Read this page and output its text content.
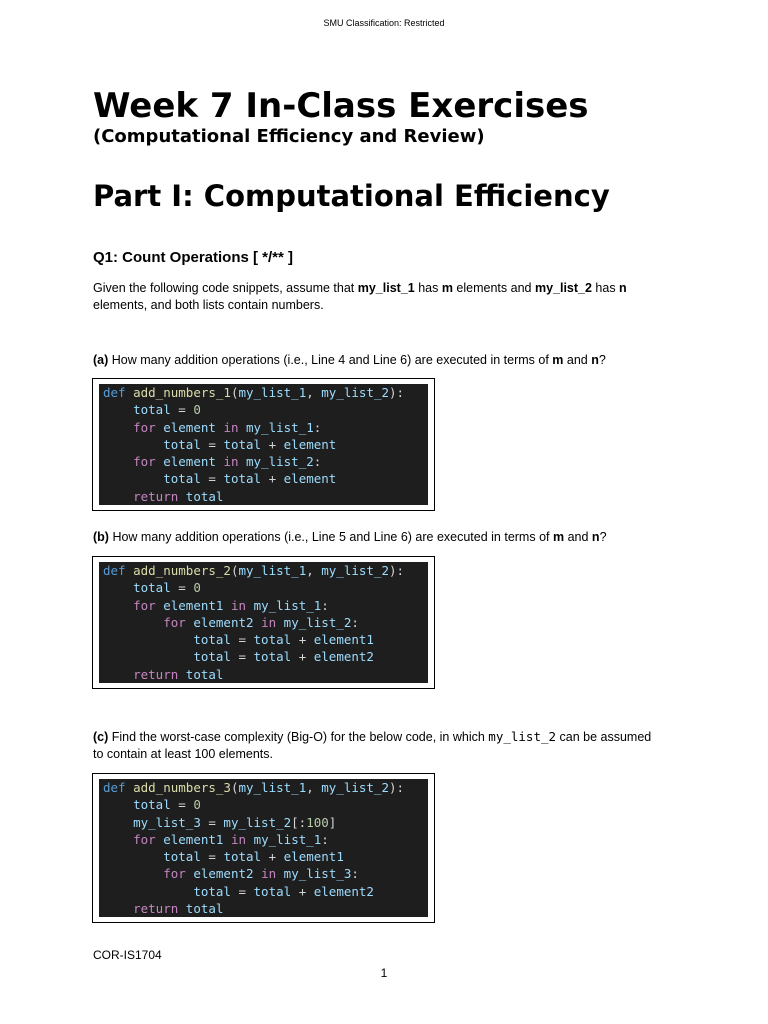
SMU Classification: Restricted
Week 7 In-Class Exercises
(Computational Efficiency and Review)
Part I: Computational Efficiency
Q1: Count Operations [ */** ]

Given the following code snippets, assume that my_list_1 has m elements and my_list_2 has n elements, and both lists contain numbers.

(a) How many addition operations (i.e., Line 4 and Line 6) are executed in terms of m and n?

def add_numbers_1(my_list_1, my_list_2):
total = 0
for element in my_list_1:
total = total + element
for element in my_list_2:
total = total + element
return total

(b) How many addition operations (i.e., Line 5 and Line 6) are executed in terms of m and n?

def add_numbers_2(my_list_1, my_list_2):
total = 0
for element1 in my_list_1:
for element2 in my_list_2:
total = total + element1
total = total + element2
return total

(c) Find the worst-case complexity (Big-O) for the below code, in which my_list_2 can be assumed to contain at least 100 elements.

def add_numbers_3(my_list_1, my_list_2):
total = 0
my_list_3 = my_list_2[:100]
for element1 in my_list_1:
total = total + element1
for element2 in my_list_3:
total = total + element2
return total
COR-IS1704
1
